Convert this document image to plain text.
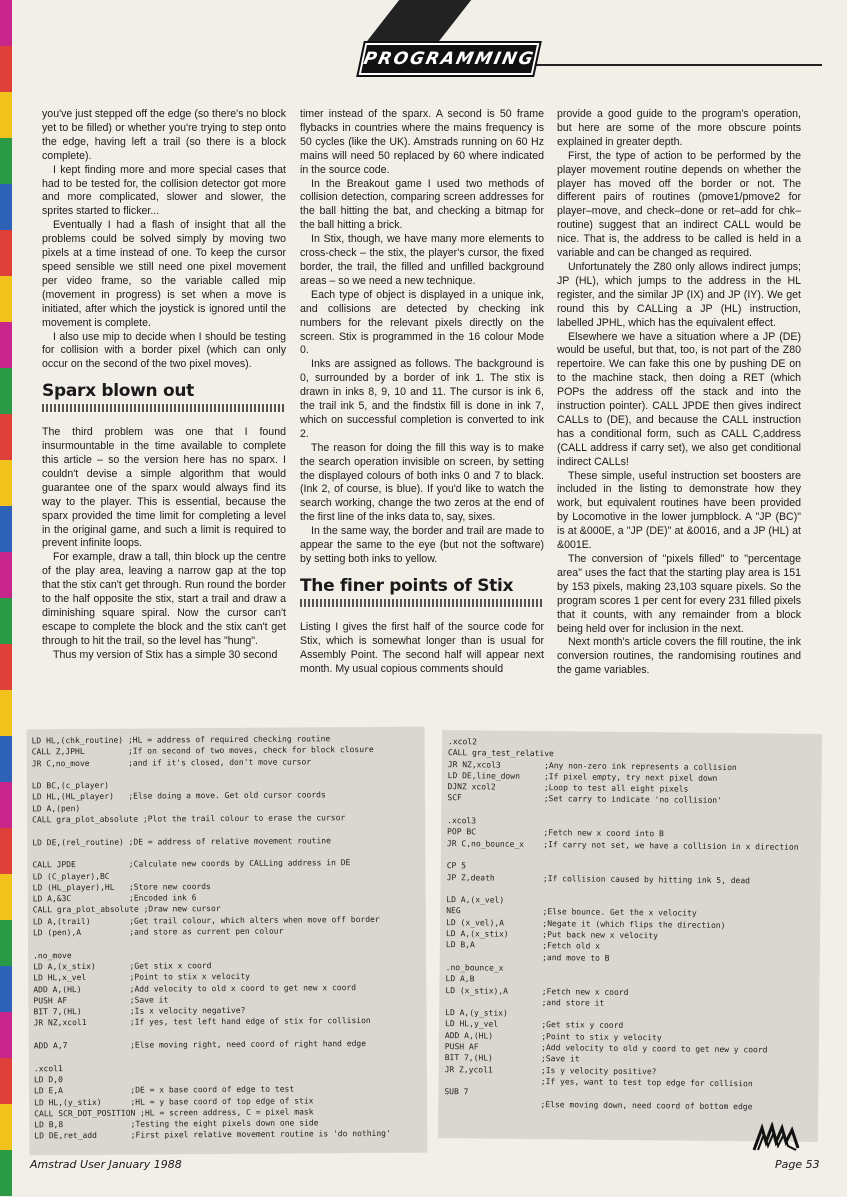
PROGRAMMING

you've just stepped off the edge (so there's no block yet to be filled) or whether you're trying to step onto the edge, having left a trail (so there is a block complete).

I kept finding more and more special cases that had to be tested for, the collision detector got more and more complicated, slower and slower, the sprites started to flicker...

Eventually I had a flash of insight that all the problems could be solved simply by moving two pixels at a time instead of one. To keep the cursor speed sensible we still need one pixel movement per video frame, so the variable called mip (movement in progress) is set when a move is initiated, after which the joystick is ignored until the movement is complete.

I also use mip to decide when I should be testing for collision with a border pixel (which can only occur on the second of the two pixel moves).

Sparx blown out

The third problem was one that I found insurmountable in the time available to complete this article – so the version here has no sparx. I couldn't devise a simple algorithm that would guarantee one of the sparx would always find its way to the player. This is essential, because the sparx provided the time limit for completing a level in the original game, and such a limit is required to prevent infinite loops.

For example, draw a tall, thin block up the centre of the play area, leaving a narrow gap at the top that the stix can't get through. Run round the border to the half opposite the stix, start a trail and draw a diminishing square spiral. Now the cursor can't escape to complete the block and the stix can't get through to hit the trail, so the level has "hung".

Thus my version of Stix has a simple 30 second

timer instead of the sparx. A second is 50 frame flybacks in countries where the mains frequency is 50 cycles (like the UK). Amstrads running on 60 Hz mains will need 50 replaced by 60 where indicated in the source code.

In the Breakout game I used two methods of collision detection, comparing screen addresses for the ball hitting the bat, and checking a bitmap for the ball hitting a brick.

In Stix, though, we have many more elements to cross-check – the stix, the player's cursor, the fixed border, the trail, the filled and unfilled background areas – so we need a new technique.

Each type of object is displayed in a unique ink, and collisions are detected by checking ink numbers for the relevant pixels directly on the screen. Stix is programmed in the 16 colour Mode 0.

Inks are assigned as follows. The background is 0, surrounded by a border of ink 1. The stix is drawn in inks 8, 9, 10 and 11. The cursor is ink 6, the trail ink 5, and the findstix fill is done in ink 7, which on successful completion is converted to ink 2.

The reason for doing the fill this way is to make the search operation invisible on screen, by setting the displayed colours of both inks 0 and 7 to black. (Ink 2, of course, is blue). If you'd like to watch the search working, change the two zeros at the end of the first line of the inks data to, say, sixes.

In the same way, the border and trail are made to appear the same to the eye (but not the software) by setting both inks to yellow.

The finer points of Stix

Listing I gives the first half of the source code for Stix, which is somewhat longer than is usual for Assembly Point. The second half will appear next month. My usual copious comments should

provide a good guide to the program's operation, but here are some of the more obscure points explained in greater depth.

First, the type of action to be performed by the player movement routine depends on whether the player has moved off the border or not. The different pairs of routines (pmove1/pmove2 for player–move, and check–done or ret–add for chk–routine) suggest that an indirect CALL would be nice. That is, the address to be called is held in a variable and can be changed as required.

Unfortunately the Z80 only allows indirect jumps; JP (HL), which jumps to the address in the HL register, and the similar JP (IX) and JP (IY). We get round this by CALLing a JP (HL) instruction, labelled JPHL, which has the equivalent effect.

Elsewhere we have a situation where a JP (DE) would be useful, but that, too, is not part of the Z80 repertoire. We can fake this one by pushing DE on to the machine stack, then doing a RET (which POPs the address off the stack and into the instruction pointer). CALL JPDE then gives indirect CALLs to (DE), and because the CALL instruction has a conditional form, such as CALL C,address (CALL address if carry set), we also get conditional indirect CALLs!

These simple, useful instruction set boosters are included in the listing to demonstrate how they work, but equivalent routines have been provided by Locomotive in the lower jumpblock. A "JP (BC)" is at &000E, a "JP (DE)" at &0016, and a JP (HL) at &001E.

The conversion of "pixels filled" to "percentage area" uses the fact that the starting play area is 151 by 153 pixels, making 23,103 square pixels. So the program scores 1 per cent for every 231 filled pixels that it counts, with any remainder from a block being held over for inclusion in the next.

Next month's article covers the fill routine, the ink conversion routines, the randomising routines and the game variables.

LD HL,(chk_routine) ;HL = address of required checking routine
CALL Z,JPHL         ;If on second of two moves, check for block closure
JR C,no_move        ;and if it's closed, don't move cursor
LD BC,(c_player)
LD HL,(HL_player)   ;Else doing a move. Get old cursor coords
LD A,(pen)
CALL gra_plot_absolute ;Plot the trail colour to erase the cursor
LD DE,(rel_routine) ;DE = address of relative movement routine
CALL JPDE           ;Calculate new coords by CALLing address in DE
LD (C_player),BC
LD (HL_player),HL   ;Store new coords
LD A,&3C            ;Encoded ink 6
CALL gra_plot_absolute ;Draw new cursor
LD A,(trail)        ;Get trail colour, which alters when move off border
LD (pen),A          ;and store as current pen colour
.no_move
LD A,(x_stix)       ;Get stix x coord
LD HL,x_vel         ;Point to stix x velocity
ADD A,(HL)          ;Add velocity to old x coord to get new x coord
PUSH AF             ;Save it
BIT 7,(HL)          ;Is x velocity negative?
JR NZ,xcol1         ;If yes, test left hand edge of stix for collision
ADD A,7             ;Else moving right, need coord of right hand edge
.xcol1
LD D,0
LD E,A              ;DE = x base coord of edge to test
LD HL,(y_stix)      ;HL = y base coord of top edge of stix
CALL SCR_DOT_POSITION ;HL = screen address, C = pixel mask
LD B,8              ;Testing the eight pixels down one side
LD DE,ret_add       ;First pixel relative movement routine is 'do nothing'
.xcol2
CALL gra_test_relative
JR NZ,xcol3         ;Any non-zero ink represents a collision
LD DE,line_down     ;If pixel empty, try next pixel down
DJNZ xcol2          ;Loop to test all eight pixels
SCF                 ;Set carry to indicate 'no collision'
.xcol3
POP BC              ;Fetch new x coord into B
JR C,no_bounce_x    ;If carry not set, we have a collision in x direction
CP 5
JP Z,death          ;If collision caused by hitting ink 5, dead
LD A,(x_vel)
NEG                 ;Else bounce. Get the x velocity
LD (x_vel),A        ;Negate it (which flips the direction)
LD A,(x_stix)       ;Put back new x velocity
LD B,A              ;Fetch old x
;and move to B
.no_bounce_x
LD A,B
LD (x_stix),A       ;Fetch new x coord
;and store it
LD A,(y_stix)
LD HL,y_vel         ;Get stix y coord
ADD A,(HL)          ;Point to stix y velocity
PUSH AF             ;Add velocity to old y coord to get new y coord
BIT 7,(HL)          ;Save it
JR Z,ycol1          ;Is y velocity positive?
;If yes, want to test top edge for collision
SUB 7
;Else moving down, need coord of bottom edge
Amstrad User January 1988	Page 53
